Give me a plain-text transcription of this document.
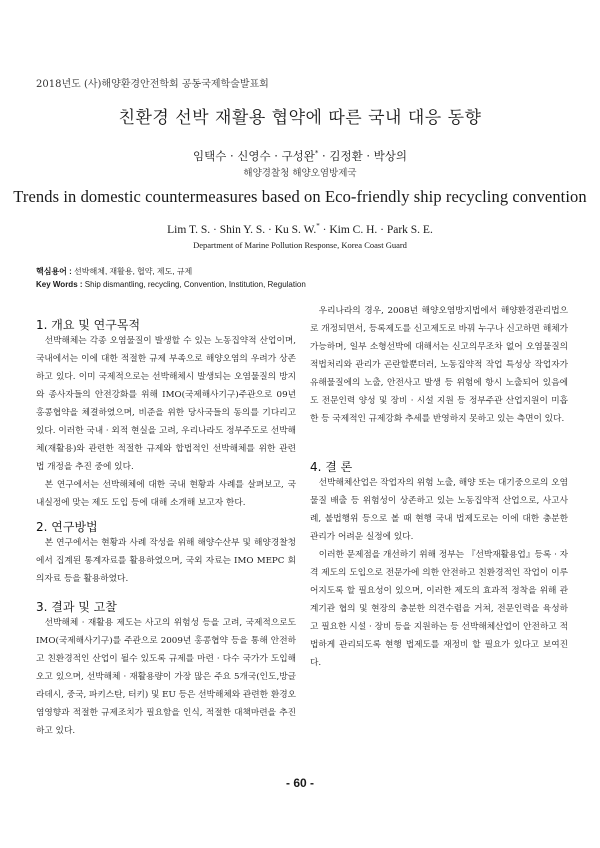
2018년도 (사)해양환경안전학회 공동국제학술발표회
친환경 선박 재활용 협약에 따른 국내 대응 동향
임택수 · 신영수 · 구성완* · 김정환 · 박상의
해양경찰청 해양오염방제국
Trends in domestic countermeasures based on Eco-friendly ship recycling convention
Lim T. S. · Shin Y. S. · Ku S. W.* · Kim C. H. · Park S. E.
Department of Marine Pollution Response, Korea Coast Guard
핵심용어 : 선박해체, 재활용, 협약, 제도, 규제
Key Words : Ship dismantling, recycling, Convention, Institution, Regulation
1. 개요 및 연구목적

선박해체는 각종 오염물질이 발생할 수 있는 노동집약적 산업이며, 국내에서는 이에 대한 적절한 규제 부족으로 해양오염의 우려가 상존하고 있다. 이미 국제적으로는 선박해체시 발생되는 오염물질의 방지와 종사자들의 안전강화를 위해 IMO(국제해사기구)주관으로 09년 홍콩협약을 체결하였으며, 비준을 위한 당사국들의 동의를 기다리고 있다. 이러한 국내 · 외적 현실을 고려, 우리나라도 정부주도로 선박해체(재활용)와 관련한 적절한 규제와 합법적인 선박해체를 위한 관련법 개정을 추진 중에 있다.

본 연구에서는 선박해체에 대한 국내 현황과 사례를 살펴보고, 국내실정에 맞는 제도 도입 등에 대해 소개해 보고자 한다.

2. 연구방법

본 연구에서는 현황과 사례 작성을 위해 해양수산부 및 해양경찰청에서 집계된 통계자료를 활용하였으며, 국외 자료는 IMO MEPC 회의자료 등을 활용하였다.

3. 결과 및 고찰

선박해체 · 재활용 제도는 사고의 위험성 등을 고려, 국제적으로도 IMO(국제해사기구)를 주관으로 2009년 홍콩협약 등을 통해 안전하고 친환경적인 산업이 될수 있도록 규제를 마련 · 다수 국가가 도입해오고 있으며, 선박해체 · 재활용량이 가장 많은 주요 5개국(인도,방글라데시, 중국, 파키스탄, 터키) 및 EU 등은 선박해체와 관련한 환경오염영향과 적절한 규제조치가 필요함을 인식, 적절한 대책마련을 추진하고 있다.

우리나라의 경우, 2008년 해양오염방지법에서 해양환경관리법으로 개정되면서, 등록제도를 신고제도로 바꿔 누구나 신고하면 해체가 가능하며, 일부 소형선박에 대해서는 신고의무조차 없어 오염물질의 적법처리와 관리가 곤란할뿐더러, 노동집약적 작업 특성상 작업자가 유해물질에의 노출, 안전사고 발생 등 위험에 항시 노출되어 있음에도 전문인력 양성 및 장비 · 시설 지원 등 정부주관 산업지원이 미흡한 등 국제적인 규제강화 추세를 반영하지 못하고 있는 측면이 있다.

4. 결 론

선박해체산업은 작업자의 위험 노출, 해양 또는 대기중으로의 오염물질 배출 등 위험성이 상존하고 있는 노동집약적 산업으로, 사고사례, 불법행위 등으로 볼 때 현행 국내 법제도로는 이에 대한 충분한 관리가 어려운 실정에 있다.

이러한 문제점을 개선하기 위해 정부는 『선박재활용업』등록 · 자격 제도의 도입으로 전문가에 의한 안전하고 친환경적인 작업이 이루어지도록 할 필요성이 있으며, 이러한 제도의 효과적 정착을 위해 관계기관 협의 및 현장의 충분한 의견수렴을 거쳐, 전문인력을 육성하고 필요한 시설 · 장비 등을 지원하는 등 선박해체산업이 안전하고 적법하게 관리되도록 현행 법제도를 재정비 할 필요가 있다고 보여진다.

- 60 -
